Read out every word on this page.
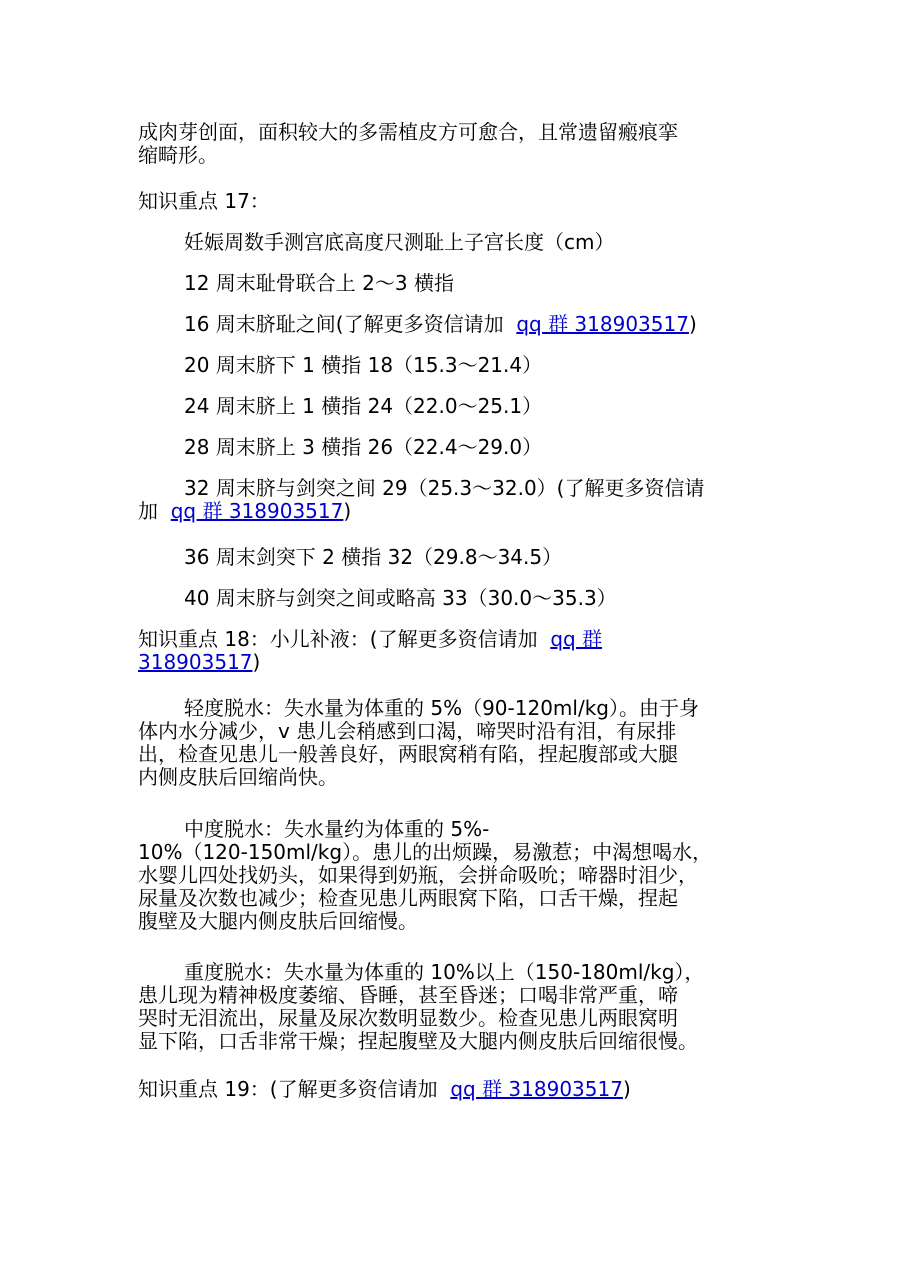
成肉芽创面，面积较大的多需植皮方可愈合，且常遗留瘢痕挛
缩畸形。
知识重点 17：
妊娠周数手测宫底高度尺测耻上子宫长度（cm）
12 周末耻骨联合上 2～3 横指
16 周末脐耻之间(了解更多资信请加 qq 群 318903517)
20 周末脐下 1 横指 18（15.3～21.4）
24 周末脐上 1 横指 24（22.0～25.1）
28 周末脐上 3 横指 26（22.4～29.0）
32 周末脐与剑突之间 29（25.3～32.0）(了解更多资信请
加 qq 群 318903517)
36 周末剑突下 2 横指 32（29.8～34.5）
40 周末脐与剑突之间或略高 33（30.0～35.3）
知识重点 18：小儿补液：(了解更多资信请加 qq 群
318903517)
轻度脱水：失水量为体重的 5%（90-120ml/kg）。由于身
体内水分减少，v 患儿会稍感到口渴，啼哭时沿有泪，有尿排
出，检查见患儿一般善良好，两眼窝稍有陷，捏起腹部或大腿
内侧皮肤后回缩尚快。
中度脱水：失水量约为体重的 5%-
10%（120-150ml/kg）。患儿的出烦躁，易激惹；中渴想喝水，
水婴儿四处找奶头，如果得到奶瓶，会拼命吸吮；啼器时泪少，
尿量及次数也减少；检查见患儿两眼窝下陷，口舌干燥，捏起
腹壁及大腿内侧皮肤后回缩慢。
重度脱水：失水量为体重的 10%以上（150-180ml/kg），
患儿现为精神极度萎缩、昏睡，甚至昏迷；口喝非常严重，啼
哭时无泪流出，尿量及尿次数明显数少。检查见患儿两眼窝明
显下陷，口舌非常干燥；捏起腹壁及大腿内侧皮肤后回缩很慢。
知识重点 19：(了解更多资信请加 qq 群 318903517)
